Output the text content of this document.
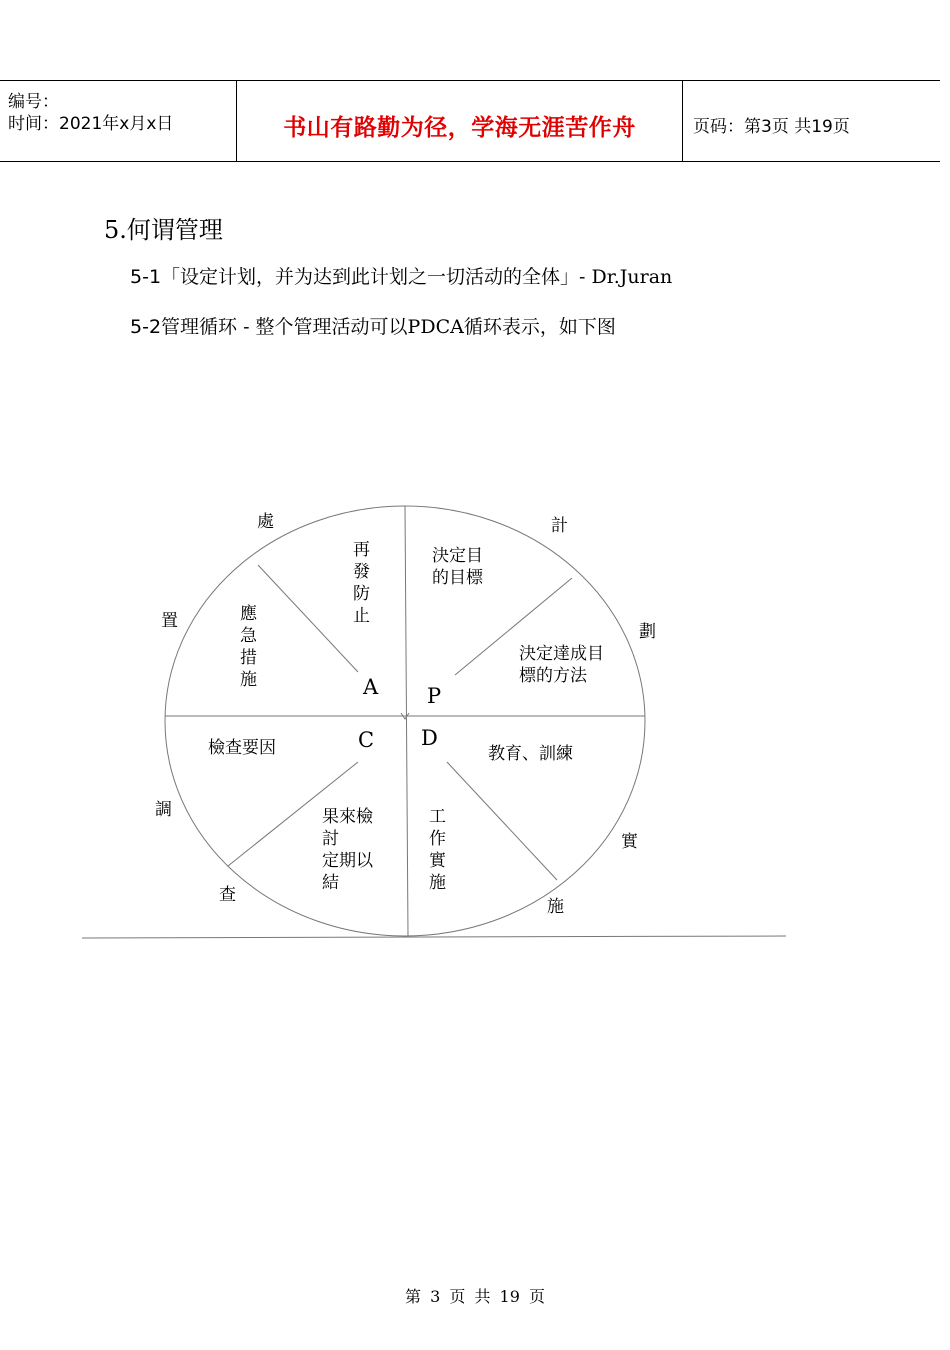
编号：
时间：2021年x月x日	书山有路勤为径，学海无涯苦作舟	页码：第3页 共19页
5.何谓管理
5-1「设定计划，并为达到此计划之一切活动的全体」- Dr.Juran
5-2管理循环 - 整个管理活动可以PDCA循环表示，如下图
處
置
計
劃
調
查
實
施
A P
C D
再
發
防
止
應
急
措
施
決定目
的目標
決定達成目
標的方法
教育、訓練
工
作
實
施
檢查要因
果來檢
討
定期以
結
第 3 页 共 19 页
